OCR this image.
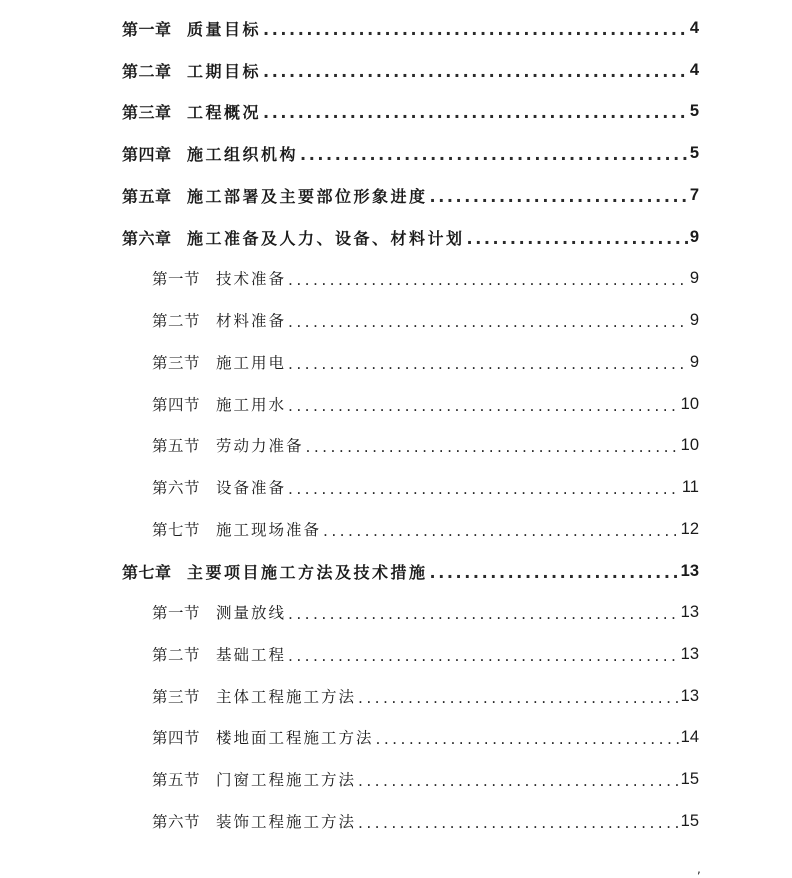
第一章 质量目标 .....	4
第二章 工期目标 .....	4
第三章 工程概况 .....	5
第四章 施工组织机构 .....	5
第五章 施工部署及主要部位形象进度 .....	7
第六章 施工准备及人力、设备、材料计划 .....	9
第一节	技术准备 .....	9
第二节	材料准备 .....	9
第三节	施工用电 .....	9
第四节	施工用水 .....	10
第五节	劳动力准备 .....	10
第六节	设备准备 .....	11
第七节	施工现场准备 .....	12
第七章 主要项目施工方法及技术措施 .....	13
第一节	测量放线 .....	13
第二节	基础工程 .....	13
第三节	主体工程施工方法 .....	13
第四节	楼地面工程施工方法 .....	14
第五节	门窗工程施工方法 .....	15
第六节	装饰工程施工方法 .....	15
,
